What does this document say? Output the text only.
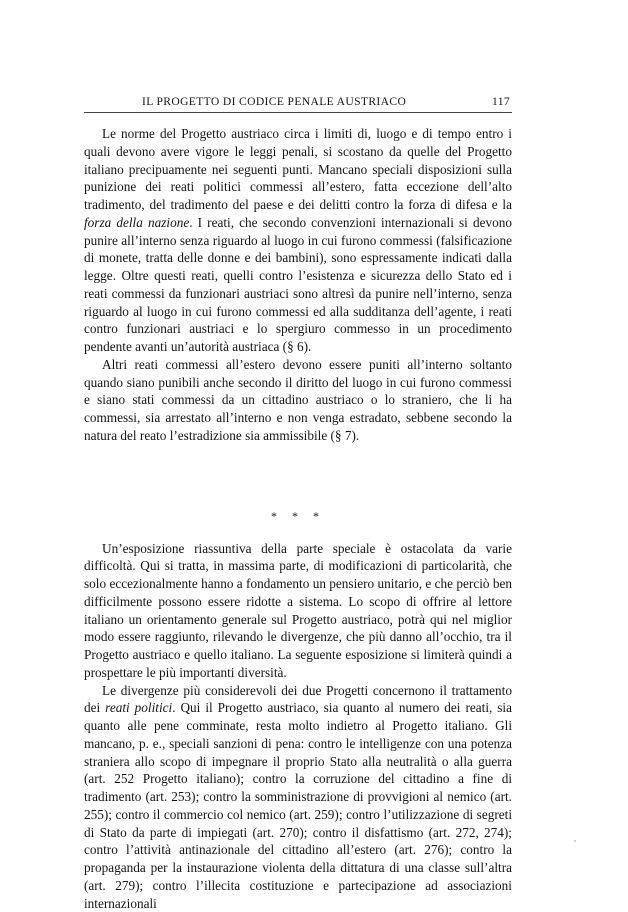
IL PROGETTO DI CODICE PENALE AUSTRIACO	117

Le norme del Progetto austriaco circa i limiti di, luogo e di tempo entro i quali devono avere vigore le leggi penali, si scostano da quelle del Progetto italiano precipuamente nei seguenti punti. Mancano speciali disposizioni sulla punizione dei reati politici commessi all’estero, fatta eccezione dell’alto tradimento, del tradimento del paese e dei delitti contro la forza di difesa e la forza della nazione. I reati, che secondo convenzioni internazionali si devono punire all’interno senza riguardo al luogo in cui furono commessi (falsificazione di monete, tratta delle donne e dei bambini), sono espressamente indicati dalla legge. Oltre questi reati, quelli contro l’esistenza e sicurezza dello Stato ed i reati commessi da funzionari austriaci sono altresì da punire nell’interno, senza riguardo al luogo in cui furono commessi ed alla sudditanza dell’agente, i reati contro funzionari austriaci e lo spergiuro commesso in un procedimento pendente avanti un’autorità austriaca (§ 6).

Altri reati commessi all’estero devono essere puniti all’interno soltanto quando siano punibili anche secondo il diritto del luogo in cui furono commessi e siano stati commessi da un cittadino austriaco o lo straniero, che li ha commessi, sia arrestato all’interno e non venga estradato, sebbene secondo la natura del reato l’estradizione sia ammissibile (§ 7).

* * *

Un’esposizione riassuntiva della parte speciale è ostacolata da varie difficoltà. Qui si tratta, in massima parte, di modificazioni di particolarità, che solo eccezionalmente hanno a fondamento un pensiero unitario, e che perciò ben difficilmente possono essere ridotte a sistema. Lo scopo di offrire al lettore italiano un orientamento generale sul Progetto austriaco, potrà qui nel miglior modo essere raggiunto, rilevando le divergenze, che più danno all’occhio, tra il Progetto austriaco e quello italiano. La seguente esposizione si limiterà quindi a prospettare le più importanti diversità.

Le divergenze più considerevoli dei due Progetti concernono il trattamento dei reati politici. Qui il Progetto austriaco, sia quanto al numero dei reati, sia quanto alle pene comminate, resta molto indietro al Progetto italiano. Gli mancano, p. e., speciali sanzioni di pena: contro le intelligenze con una potenza straniera allo scopo di impegnare il proprio Stato alla neutralità o alla guerra (art. 252 Progetto italiano); contro la corruzione del cittadino a fine di tradimento (art. 253); contro la somministrazione di provvigioni al nemico (art. 255); contro il commercio col nemico (art. 259); contro l’utilizzazione di segreti di Stato da parte di impiegati (art. 270); contro il disfattismo (art. 272, 274); contro l’attività antinazionale del cittadino all’estero (art. 276); contro la propaganda per la instaurazione violenta della dittatura di una classe sull’altra (art. 279); contro l’illecita costituzione e partecipazione ad associazioni internazionali
